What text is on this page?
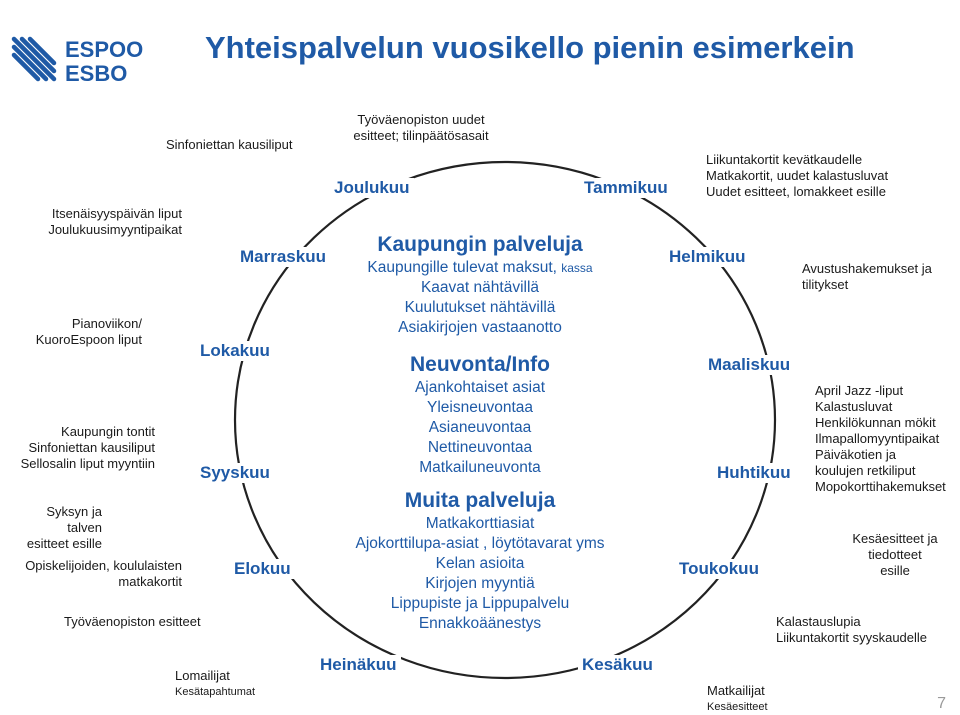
ESPOO
ESBO
Yhteispalvelun vuosikello pienin esimerkein
Joulukuu	Tammikuu
Marraskuu	Helmikuu
Lokakuu
Maaliskuu
Syyskuu	Huhtikuu
Elokuu	Toukokuu
Heinäkuu	Kesäkuu
Työväenopiston uudet
esitteet; tilinpäätösasait
Liikuntakortit kevätkaudelle
Matkakortit, uudet kalastusluvat
Uudet esitteet, lomakkeet esille
Avustushakemukset ja
tilitykset
April Jazz -liput
Kalastusluvat
Henkilökunnan mökit
Ilmapallomyyntipaikat
Päiväkotien ja
koulujen retkiliput
Mopokorttihakemukset
Kesäesitteet ja
tiedotteet
esille
Kalastauslupia
Liikuntakortit syyskaudelle
Matkailijat
Kesäesitteet
Lomailijat
Kesätapahtumat
Sinfoniettan kausiliput
Itsenäisyyspäivän liput
Joulukuusimyyntipaikat
Pianoviikon/
KuoroEspoon liput
Kaupungin tontit
Sinfoniettan kausiliput
Sellosalin liput myyntiin
Syksyn ja talven
esitteet esille
Opiskelijoiden, koululaisten
matkakortit
Työväenopiston esitteet
Kaupungin palveluja
Kaupungille tulevat maksut, kassa
Kaavat nähtävillä
Kuulutukset nähtävillä
Asiakirjojen vastaanotto
Neuvonta/Info
Ajankohtaiset asiat
Yleisneuvontaa
Asianeuvontaa
Nettineuvontaa
Matkailuneuvonta
Muita palveluja
Matkakorttiasiat
Ajokorttilupa-asiat , löytötavarat yms
Kelan asioita
Kirjojen myyntiä
Lippupiste ja Lippupalvelu
Ennakkoäänestys
7
